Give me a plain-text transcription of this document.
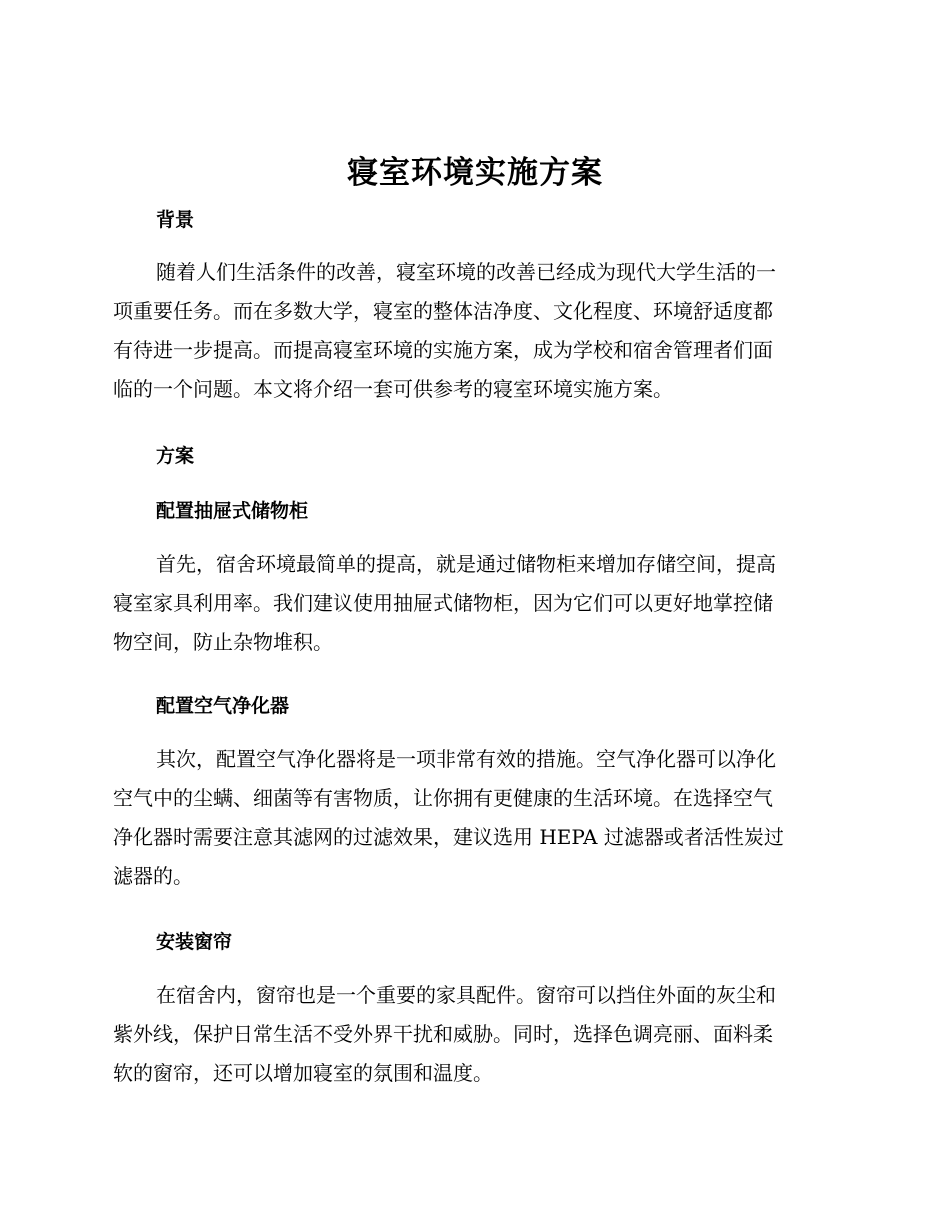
寝室环境实施方案
背景
随着人们生活条件的改善，寝室环境的改善已经成为现代大学生活的一
项重要任务。而在多数大学，寝室的整体洁净度、文化程度、环境舒适度都
有待进一步提高。而提高寝室环境的实施方案，成为学校和宿舍管理者们面
临的一个问题。本文将介绍一套可供参考的寝室环境实施方案。
方案
配置抽屉式储物柜
首先，宿舍环境最简单的提高，就是通过储物柜来增加存储空间，提高
寝室家具利用率。我们建议使用抽屉式储物柜，因为它们可以更好地掌控储
物空间，防止杂物堆积。
配置空气净化器
其次，配置空气净化器将是一项非常有效的措施。空气净化器可以净化
空气中的尘螨、细菌等有害物质，让你拥有更健康的生活环境。在选择空气
净化器时需要注意其滤网的过滤效果，建议选用 HEPA 过滤器或者活性炭过
滤器的。
安装窗帘
在宿舍内，窗帘也是一个重要的家具配件。窗帘可以挡住外面的灰尘和
紫外线，保护日常生活不受外界干扰和威胁。同时，选择色调亮丽、面料柔
软的窗帘，还可以增加寝室的氛围和温度。
